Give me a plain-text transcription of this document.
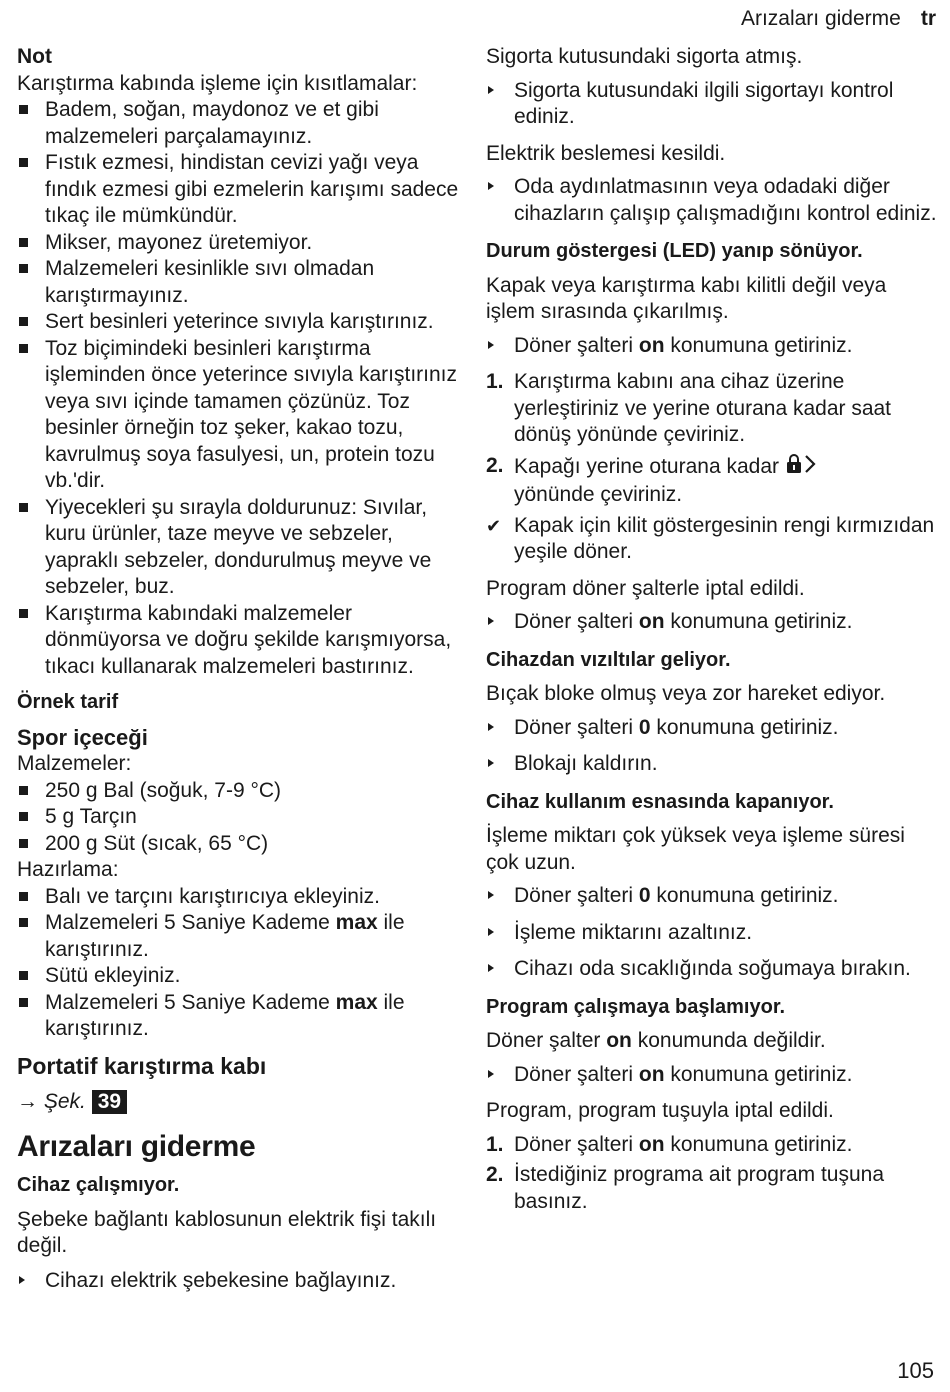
Arızaları giderme tr
Not
Karıştırma kabında işleme için kısıtlamalar:
Badem, soğan, maydonoz ve et gibi malzemeleri parçalamayınız.
Fıstık ezmesi, hindistan cevizi yağı veya fındık ezmesi gibi ezmelerin karışımı sadece tıkaç ile mümkündür.
Mikser, mayonez üretemiyor.
Malzemeleri kesinlikle sıvı olmadan karıştırmayınız.
Sert besinleri yeterince sıvıyla karıştırınız.
Toz biçimindeki besinleri karıştırma işleminden önce yeterince sıvıyla karıştırınız veya sıvı içinde tamamen çözünüz. Toz besinler örneğin toz şeker, kakao tozu, kavrulmuş soya fasulyesi, un, protein tozu vb.'dir.
Yiyecekleri şu sırayla doldurunuz: Sıvılar, kuru ürünler, taze meyve ve sebzeler, yapraklı sebzeler, dondurulmuş meyve ve sebzeler, buz.
Karıştırma kabındaki malzemeler dönmüyorsa ve doğru şekilde karışmıyorsa, tıkacı kullanarak malzemeleri bastırınız.
Örnek tarif
Spor içeceği
Malzemeler:
250 g Bal (soğuk, 7-9 °C)
5 g Tarçın
200 g Süt (sıcak, 65 °C)
Hazırlama:
Balı ve tarçını karıştırıcıya ekleyiniz.
Malzemeleri 5 Saniye Kademe max ile karıştırınız.
Sütü ekleyiniz.
Malzemeleri 5 Saniye Kademe max ile karıştırınız.
Portatif karıştırma kabı
→ Şek. 39
Arızaları giderme
Cihaz çalışmıyor.
Şebeke bağlantı kablosunun elektrik fişi takılı değil.
Cihazı elektrik şebekesine bağlayınız.
Sigorta kutusundaki sigorta atmış.
Sigorta kutusundaki ilgili sigortayı kontrol ediniz.
Elektrik beslemesi kesildi.
Oda aydınlatmasının veya odadaki diğer cihazların çalışıp çalışmadığını kontrol ediniz.
Durum göstergesi (LED) yanıp sönüyor.
Kapak veya karıştırma kabı kilitli değil veya işlem sırasında çıkarılmış.
Döner şalteri on konumuna getiriniz.
1. Karıştırma kabını ana cihaz üzerine yerleştiriniz ve yerine oturana kadar saat dönüş yönünde çeviriniz.
2. Kapağı yerine oturana kadar
yönünde çeviriniz.
✔ Kapak için kilit göstergesinin rengi kırmızıdan yeşile döner.
Program döner şalterle iptal edildi.
Döner şalteri on konumuna getiriniz.
Cihazdan vızıltılar geliyor.
Bıçak bloke olmuş veya zor hareket ediyor.
Döner şalteri 0 konumuna getiriniz.
Blokajı kaldırın.
Cihaz kullanım esnasında kapanıyor.
İşleme miktarı çok yüksek veya işleme süresi çok uzun.
Döner şalteri 0 konumuna getiriniz.
İşleme miktarını azaltınız.
Cihazı oda sıcaklığında soğumaya bırakın.
Program çalışmaya başlamıyor.
Döner şalter on konumunda değildir.
Döner şalteri on konumuna getiriniz.
Program, program tuşuyla iptal edildi.
1. Döner şalteri on konumuna getiriniz.
2. İstediğiniz programa ait program tuşuna basınız.
105
